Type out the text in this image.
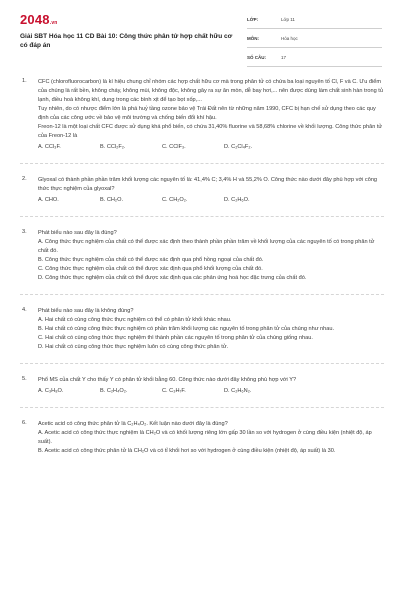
2048.vn
Giải SBT Hóa học 11 CD Bài 10: Công thức phân tử hợp chất hữu cơ có đáp án
LỚP:	Lớp 11
MÔN:	Hóa học
SỐ CÂU:	17
1. CFC (chlorofluorocarbon) là kí hiệu chung chỉ nhóm các hợp chất hữu cơ mà trong phân tử có chứa ba loại nguyên tố Cl, F và C. Ưu điểm của chúng là rất bền, không cháy, không mùi, không độc, không gây ra sự ăn mòn, dễ bay hơi,... nên được dùng làm chất sinh hàn trong tủ lạnh, điều hoà không khí, dung trong các bình xịt để tạo bọt xốp,...

Tuy nhiên, do có nhược điểm lớn là phá huỷ tầng ozone bảo vệ Trái Đất nên từ những năm 1990, CFC bị hạn chế sử dụng theo các quy định của các công ước về bảo vệ môi trường và chống biến đổi khí hậu.

Freon-12 là một loại chất CFC được sử dụng khá phổ biến, có chứa 31,40% fluorine và 58,68% chlorine về khối lượng. Công thức phân tử của Freon-12 là

A. CCl₃F.	B. CCl₂F₂.	C. CClF₃.	D. C₂Cl₄F₂.
2. Glyoxal có thành phần phần trăm khối lượng các nguyên tố là: 41,4% C; 3,4% H và 55,2% O. Công thức nào dưới đây phù hợp với công thức thực nghiệm của glyoxal?

A. CHO.	B. CH₂O.	C. CH₂O₂.	D. C₂H₆O.
3. Phát biểu nào sau đây là đúng?

A. Công thức thực nghiệm của chất có thể được xác định theo thành phần phần trăm về khối lượng của các nguyên tố có trong phân tử chất đó.
B. Công thức thực nghiệm của chất có thể được xác định qua phổ hồng ngoại của chất đó.
C. Công thức thực nghiệm của chất có thể được xác định qua phổ khối lượng của chất đó.
D. Công thức thực nghiệm của chất có thể được xác định qua các phản ứng hoá học đặc trưng của chất đó.
4. Phát biểu nào sau đây là không đúng?

A. Hai chất có cùng công thức thực nghiệm có thể có phân tử khối khác nhau.
B. Hai chất có cùng công thức thực nghiệm có phần trăm khối lượng các nguyên tố trong phân tử của chúng như nhau.
C. Hai chất có cùng công thức thực nghiệm thì thành phần các nguyên tố trong phân tử của chúng giống nhau.
D. Hai chất có cùng công thức thực nghiệm luôn có cùng công thức phân tử.
5. Phổ MS của chất Y cho thấy Y có phân tử khối bằng 60. Công thức nào dưới đây không phù hợp với Y?

A. C₃H₈O.	B. C₂H₄O₂.	C. C₃H₇F.	D. C₂H₆N₂.
6. Acetic acid có công thức phân tử là C₂H₄O₂. Kết luận nào dưới đây là đúng?

A. Acetic acid có công thức thực nghiệm là CH₂O và có khối lượng riêng lớn gấp 30 lần so với hydrogen ở cùng điều kiện (nhiệt độ, áp suất).
B. Acetic acid có công thức phân tử là CH₂O và có tỉ khối hơi so với hydrogen ở cùng điều kiện (nhiệt độ, áp suất) là 30.
